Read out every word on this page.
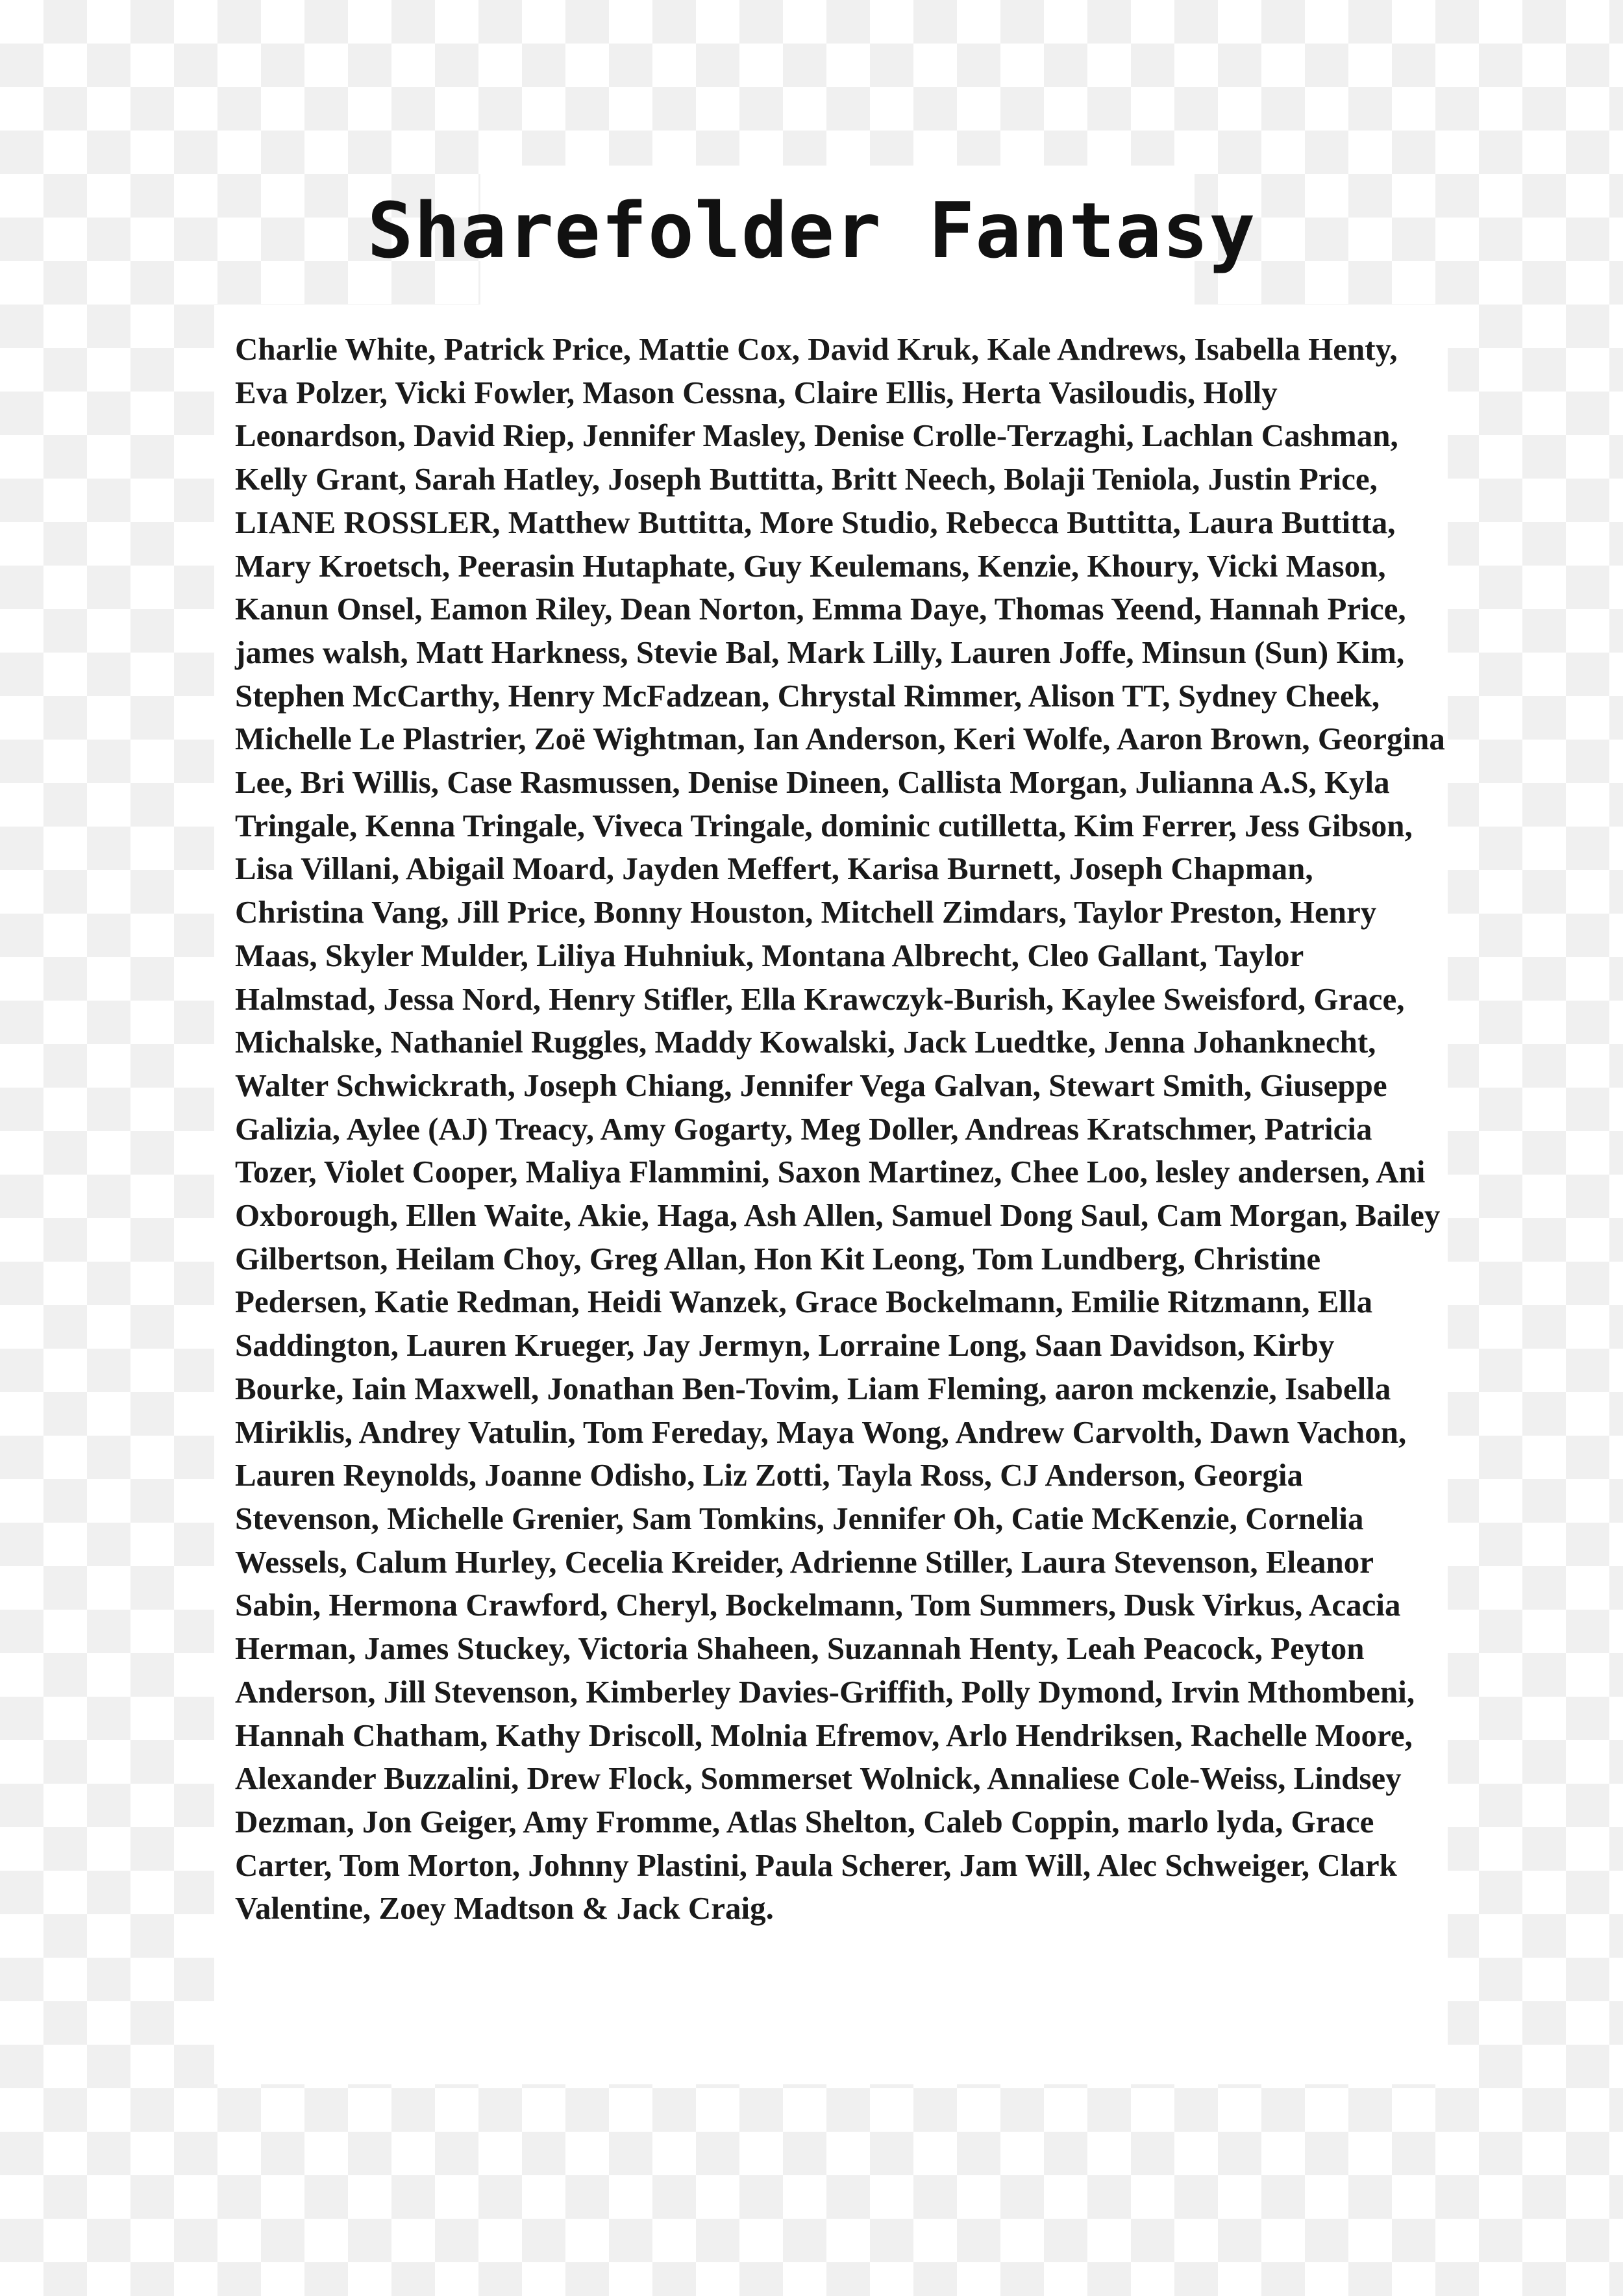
Sharefolder Fantasy

Charlie White, Patrick Price, Mattie Cox, David Kruk, Kale Andrews, Isabella Henty, Eva Polzer, Vicki Fowler, Mason Cessna, Claire Ellis, Herta Vasiloudis, Holly Leonardson, David Riep, Jennifer Masley, Denise Crolle-Terzaghi, Lachlan Cashman, Kelly Grant, Sarah Hatley, Joseph Buttitta, Britt Neech, Bolaji Teniola, Justin Price, LIANE ROSSLER, Matthew Buttitta, More Studio, Rebecca Buttitta, Laura Buttitta, Mary Kroetsch, Peerasin Hutaphate, Guy Keulemans, Kenzie, Khoury, Vicki Mason, Kanun Onsel, Eamon Riley, Dean Norton, Emma Daye, Thomas Yeend, Hannah Price, james walsh, Matt Harkness, Stevie Bal, Mark Lilly, Lauren Joffe, Minsun (Sun) Kim, Stephen McCarthy, Henry McFadzean, Chrystal Rimmer, Alison TT, Sydney Cheek, Michelle Le Plastrier, Zoë Wightman, Ian Anderson, Keri Wolfe, Aaron Brown, Georgina Lee, Bri Willis, Case Rasmussen, Denise Dineen, Callista Morgan, Julianna A.S, Kyla Tringale, Kenna Tringale, Viveca Tringale, dominic cutilletta, Kim Ferrer, Jess Gibson, Lisa Villani, Abigail Moard, Jayden Meffert, Karisa Burnett, Joseph Chapman, Christina Vang, Jill Price, Bonny Houston, Mitchell Zimdars, Taylor Preston, Henry Maas, Skyler Mulder, Liliya Huhniuk, Montana Albrecht, Cleo Gallant, Taylor Halmstad, Jessa Nord, Henry Stifler, Ella Krawczyk-Burish, Kaylee Sweisford, Grace, Michalske, Nathaniel Ruggles, Maddy Kowalski, Jack Luedtke, Jenna Johanknecht, Walter Schwickrath, Joseph Chiang, Jennifer Vega Galvan, Stewart Smith, Giuseppe Galizia, Aylee (AJ) Treacy, Amy Gogarty, Meg Doller, Andreas Kratschmer, Patricia Tozer, Violet Cooper, Maliya Flammini, Saxon Martinez, Chee Loo, lesley andersen, Ani Oxborough, Ellen Waite, Akie, Haga, Ash Allen, Samuel Dong Saul, Cam Morgan, Bailey Gilbertson, Heilam Choy, Greg Allan, Hon Kit Leong, Tom Lundberg, Christine Pedersen, Katie Redman, Heidi Wanzek, Grace Bockelmann, Emilie Ritzmann, Ella Saddington, Lauren Krueger, Jay Jermyn, Lorraine Long, Saan Davidson, Kirby Bourke, Iain Maxwell, Jonathan Ben-Tovim, Liam Fleming, aaron mckenzie, Isabella Miriklis, Andrey Vatulin, Tom Fereday, Maya Wong, Andrew Carvolth, Dawn Vachon, Lauren Reynolds, Joanne Odisho, Liz Zotti, Tayla Ross, CJ Anderson, Georgia Stevenson, Michelle Grenier, Sam Tomkins, Jennifer Oh, Catie McKenzie, Cornelia Wessels, Calum Hurley, Cecelia Kreider, Adrienne Stiller, Laura Stevenson, Eleanor Sabin, Hermona Crawford, Cheryl, Bockelmann, Tom Summers, Dusk Virkus, Acacia Herman, James Stuckey, Victoria Shaheen, Suzannah Henty, Leah Peacock, Peyton Anderson, Jill Stevenson, Kimberley Davies-Griffith, Polly Dymond, Irvin Mthombeni, Hannah Chatham, Kathy Driscoll, Molnia Efremov, Arlo Hendriksen, Rachelle Moore, Alexander Buzzalini, Drew Flock, Sommerset Wolnick, Annaliese Cole-Weiss, Lindsey Dezman, Jon Geiger, Amy Fromme, Atlas Shelton, Caleb Coppin, marlo lyda, Grace Carter, Tom Morton, Johnny Plastini, Paula Scherer, Jam Will, Alec Schweiger, Clark Valentine, Zoey Madtson & Jack Craig.
